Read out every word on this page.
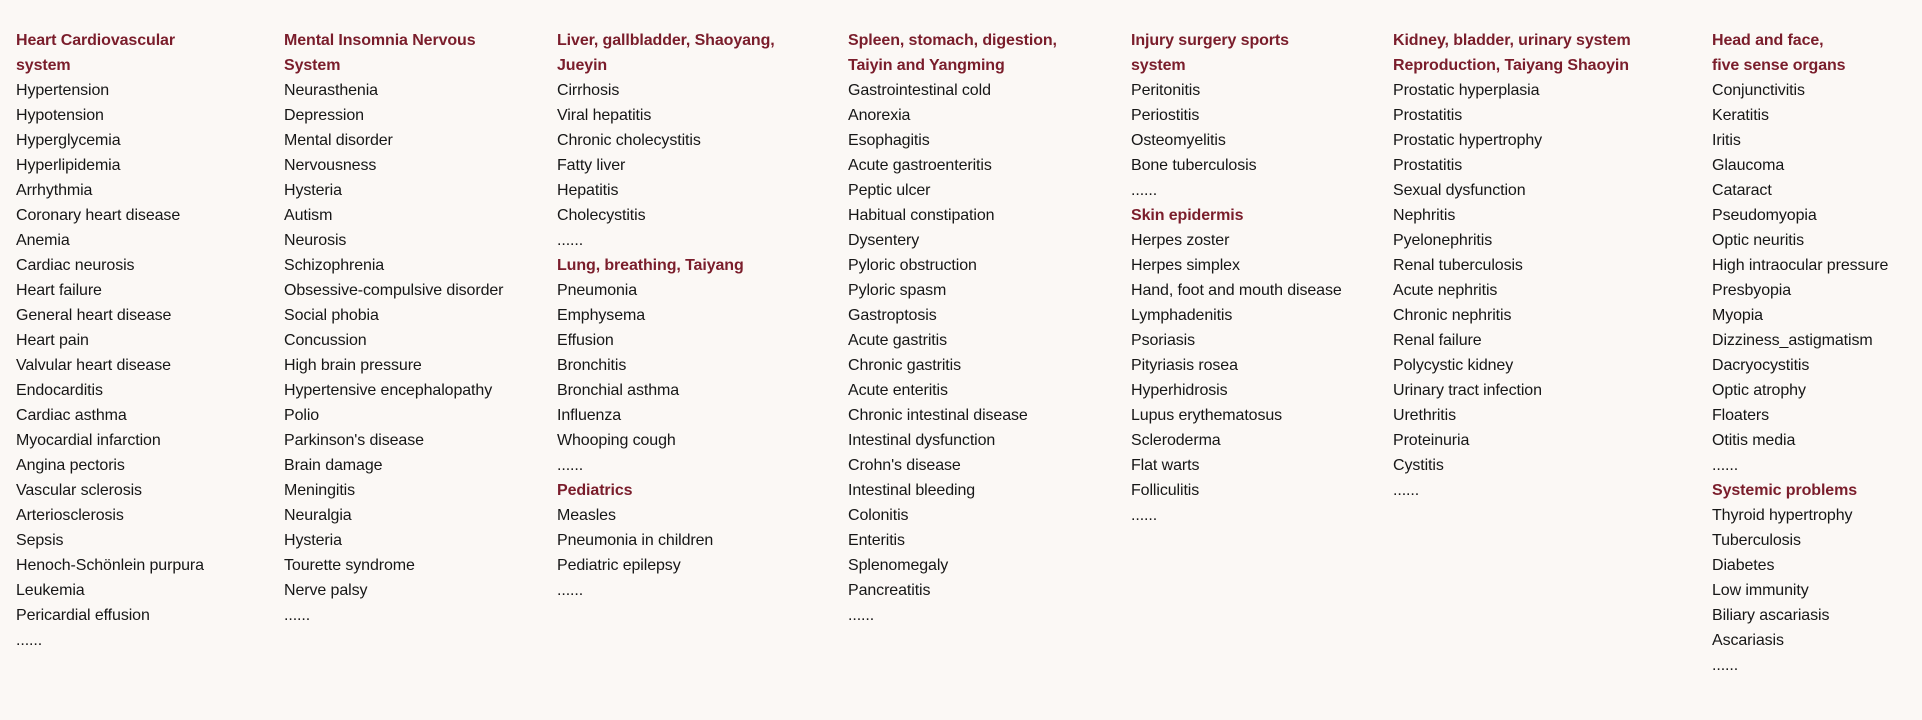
Heart Cardiovascular
system
Hypertension
Hypotension
Hyperglycemia
Hyperlipidemia
Arrhythmia
Coronary heart disease
Anemia
Cardiac neurosis
Heart failure
General heart disease
Heart pain
Valvular heart disease
Endocarditis
Cardiac asthma
Myocardial infarction
Angina pectoris
Vascular sclerosis
Arteriosclerosis
Sepsis
Henoch-Schönlein purpura
Leukemia
Pericardial effusion
......
Mental Insomnia Nervous
System
Neurasthenia
Depression
Mental disorder
Nervousness
Hysteria
Autism
Neurosis
Schizophrenia
Obsessive-compulsive disorder
Social phobia
Concussion
High brain pressure
Hypertensive encephalopathy
Polio
Parkinson's disease
Brain damage
Meningitis
Neuralgia
Hysteria
Tourette syndrome
Nerve palsy
......
Liver, gallbladder, Shaoyang,
Jueyin
Cirrhosis
Viral hepatitis
Chronic cholecystitis
Fatty liver
Hepatitis
Cholecystitis
......
Lung, breathing, Taiyang
Pneumonia
Emphysema
Effusion
Bronchitis
Bronchial asthma
Influenza
Whooping cough
......
Pediatrics
Measles
Pneumonia in children
Pediatric epilepsy
......
Spleen, stomach, digestion,
Taiyin and Yangming
Gastrointestinal cold
Anorexia
Esophagitis
Acute gastroenteritis
Peptic ulcer
Habitual constipation
Dysentery
Pyloric obstruction
Pyloric spasm
Gastroptosis
Acute gastritis
Chronic gastritis
Acute enteritis
Chronic intestinal disease
Intestinal dysfunction
Crohn's disease
Intestinal bleeding
Colonitis
Enteritis
Splenomegaly
Pancreatitis
......
Injury surgery sports
system
Peritonitis
Periostitis
Osteomyelitis
Bone tuberculosis
......
Skin epidermis
Herpes zoster
Herpes simplex
Hand, foot and mouth disease
Lymphadenitis
Psoriasis
Pityriasis rosea
Hyperhidrosis
Lupus erythematosus
Scleroderma
Flat warts
Folliculitis
......
Kidney, bladder, urinary system
Reproduction, Taiyang Shaoyin
Prostatic hyperplasia
Prostatitis
Prostatic hypertrophy
Prostatitis
Sexual dysfunction
Nephritis
Pyelonephritis
Renal tuberculosis
Acute nephritis
Chronic nephritis
Renal failure
Polycystic kidney
Urinary tract infection
Urethritis
Proteinuria
Cystitis
......
Head and face,
five sense organs
Conjunctivitis
Keratitis
Iritis
Glaucoma
Cataract
Pseudomyopia
Optic neuritis
High intraocular pressure
Presbyopia
Myopia
Dizziness_astigmatism
Dacryocystitis
Optic atrophy
Floaters
Otitis media
......
Systemic problems
Thyroid hypertrophy
Tuberculosis
Diabetes
Low immunity
Biliary ascariasis
Ascariasis
......
